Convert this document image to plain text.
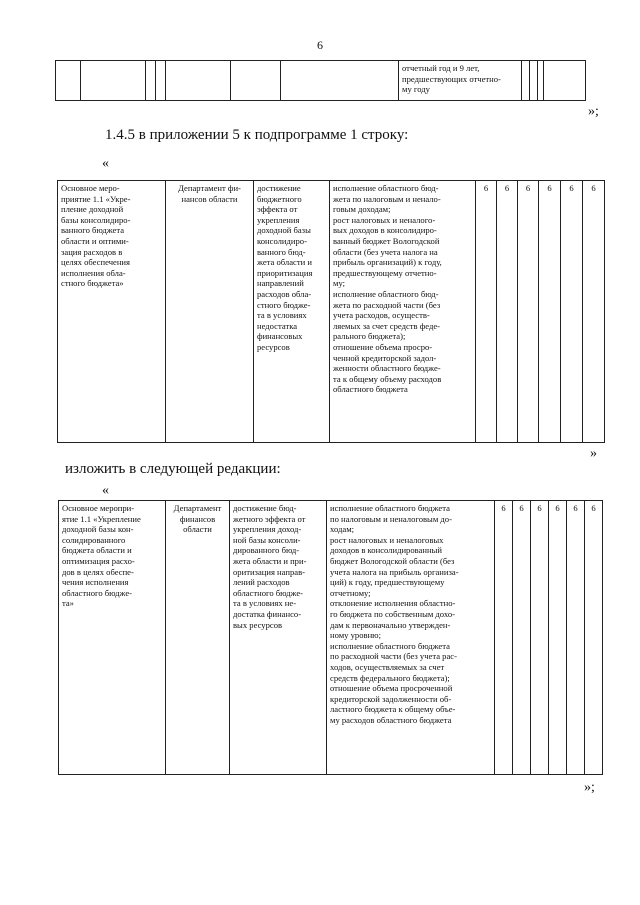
6
							отчетный год и 9 лет,
предшествующих отчетно-
му году				
»;
1.4.5 в приложении 5 к подпрограмме 1 строку:
«
Основное меро-
приятие 1.1 «Укре-
пление доходной
базы консолидиро-
ванного бюджета
области и оптими-
зация расходов в
целях обеспечения
исполнения обла-
стного бюджета»	Департамент фи-
нансов области	достижение
бюджетного
эффекта от
укрепления
доходной базы
консолидиро-
ванного бюд-
жета области и
приоритизация
направлений
расходов обла-
стного бюдже-
та в условиях
недостатка
финансовых
ресурсов	исполнение областного бюд-
жета по налоговым и ненало-
говым доходам;
рост налоговых и неналого-
вых доходов в консолидиро-
ванный бюджет Вологодской
области (без учета налога на
прибыль организаций) к году,
предшествующему отчетно-
му;
исполнение областного бюд-
жета по расходной части (без
учета расходов, осуществ-
ляемых за счет средств феде-
рального бюджета);
отношение объема просро-
ченной кредиторской задол-
женности областного бюдже-
та к общему объему расходов
областного бюджета	6	6	6	6	6	6
»
изложить в следующей редакции:
«
Основное меропри-
ятие 1.1 «Укрепление
доходной базы кон-
солидированного
бюджета области и
оптимизация расхо-
дов в целях обеспе-
чения исполнения
областного бюдже-
та»	Департамент
финансов
области	достижение бюд-
жетного эффекта от
укрепления доход-
ной базы консоли-
дированного бюд-
жета области и при-
оритизация направ-
лений расходов
областного бюдже-
та в условиях не-
достатка финансо-
вых ресурсов	исполнение областного бюджета
по налоговым и неналоговым до-
ходам;
рост налоговых и неналоговых
доходов в консолидированный
бюджет Вологодской области (без
учета налога на прибыль организа-
ций) к году, предшествующему
отчетному;
отклонение исполнения областно-
го бюджета по собственным дохо-
дам к первоначально утвержден-
ному уровню;
исполнение областного бюджета
по расходной части (без учета рас-
ходов, осуществляемых за счет
средств федерального бюджета);
отношение объема просроченной
кредиторской задолженности об-
ластного бюджета к общему объе-
му расходов областного бюджета	6	6	6	6	6	6
»;
